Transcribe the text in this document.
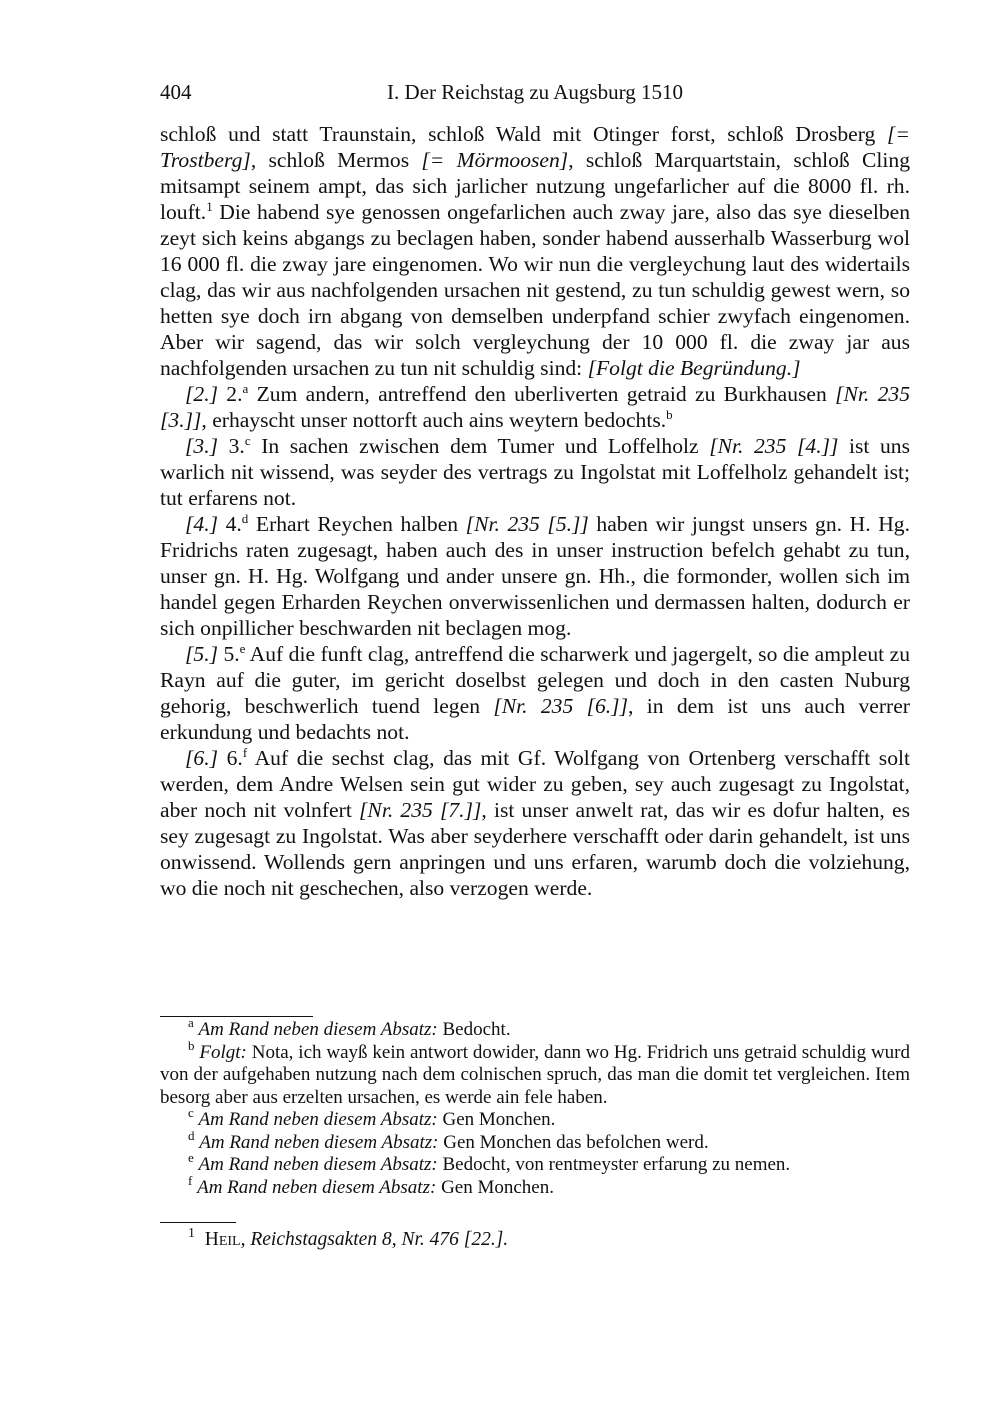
404	I. Der Reichstag zu Augsburg 1510

schloß und statt Traunstain, schloß Wald mit Otinger forst, schloß Drosberg [= Trostberg], schloß Mermos [= Mörmoosen], schloß Marquartstain, schloß Cling mitsampt seinem ampt, das sich jarlicher nutzung ungefarlicher auf die 8000 fl. rh. louft.$^1$ Die habend sye genossen ongefarlichen auch zway jare, also das sye dieselben zeyt sich keins abgangs zu beclagen haben, sonder habend ausserhalb Wasserburg wol 16 000 fl. die zway jare eingenomen. Wo wir nun die vergleychung laut des widertails clag, das wir aus nachfolgenden ursachen nit gestend, zu tun schuldig gewest wern, so hetten sye doch irn abgang von demselben underpfand schier zwyfach eingenomen. Aber wir sagend, das wir solch vergleychung der 10 000 fl. die zway jar aus nachfolgenden ursachen zu tun nit schuldig sind: [Folgt die Begründung.]

[2.] 2.$^a$ Zum andern, antreffend den uberliverten getraid zu Burkhausen [Nr. 235 [3.]], erhayscht unser nottorft auch ains weytern bedochts.$^b$

[3.] 3.$^c$ In sachen zwischen dem Tumer und Loffelholz [Nr. 235 [4.]] ist uns warlich nit wissend, was seyder des vertrags zu Ingolstat mit Loffelholz gehandelt ist; tut erfarens not.

[4.] 4.$^d$ Erhart Reychen halben [Nr. 235 [5.]] haben wir jungst unsers gn. H. Hg. Fridrichs raten zugesagt, haben auch des in unser instruction befelch gehabt zu tun, unser gn. H. Hg. Wolfgang und ander unsere gn. Hh., die formonder, wollen sich im handel gegen Erharden Reychen onverwissenlichen und dermassen halten, dodurch er sich onpillicher beschwarden nit beclagen mog.

[5.] 5.$^e$ Auf die funft clag, antreffend die scharwerk und jagergelt, so die ampleut zu Rayn auf die guter, im gericht doselbst gelegen und doch in den casten Nuburg gehorig, beschwerlich tuend legen [Nr. 235 [6.]], in dem ist uns auch verrer erkundung und bedachts not.

[6.] 6.$^f$ Auf die sechst clag, das mit Gf. Wolfgang von Ortenberg verschafft solt werden, dem Andre Welsen sein gut wider zu geben, sey auch zugesagt zu Ingolstat, aber noch nit volnfert [Nr. 235 [7.]], ist unser anwelt rat, das wir es dofur halten, es sey zugesagt zu Ingolstat. Was aber seyderhere verschafft oder darin gehandelt, ist uns onwissend. Wollends gern anpringen und uns erfaren, warumb doch die volziehung, wo die noch nit geschechen, also verzogen werde.

$^a$ Am Rand neben diesem Absatz: Bedocht.

$^b$ Folgt: Nota, ich wayß kein antwort dowider, dann wo Hg. Fridrich uns getraid schuldig wurd von der aufgehaben nutzung nach dem colnischen spruch, das man die domit tet vergleichen. Item besorg aber aus erzelten ursachen, es werde ain fele haben.

$^c$ Am Rand neben diesem Absatz: Gen Monchen.

$^d$ Am Rand neben diesem Absatz: Gen Monchen das befolchen werd.

$^e$ Am Rand neben diesem Absatz: Bedocht, von rentmeyster erfarung zu nemen.

$^f$ Am Rand neben diesem Absatz: Gen Monchen.

$^1$ Heil, Reichstagsakten 8, Nr. 476 [22.].
